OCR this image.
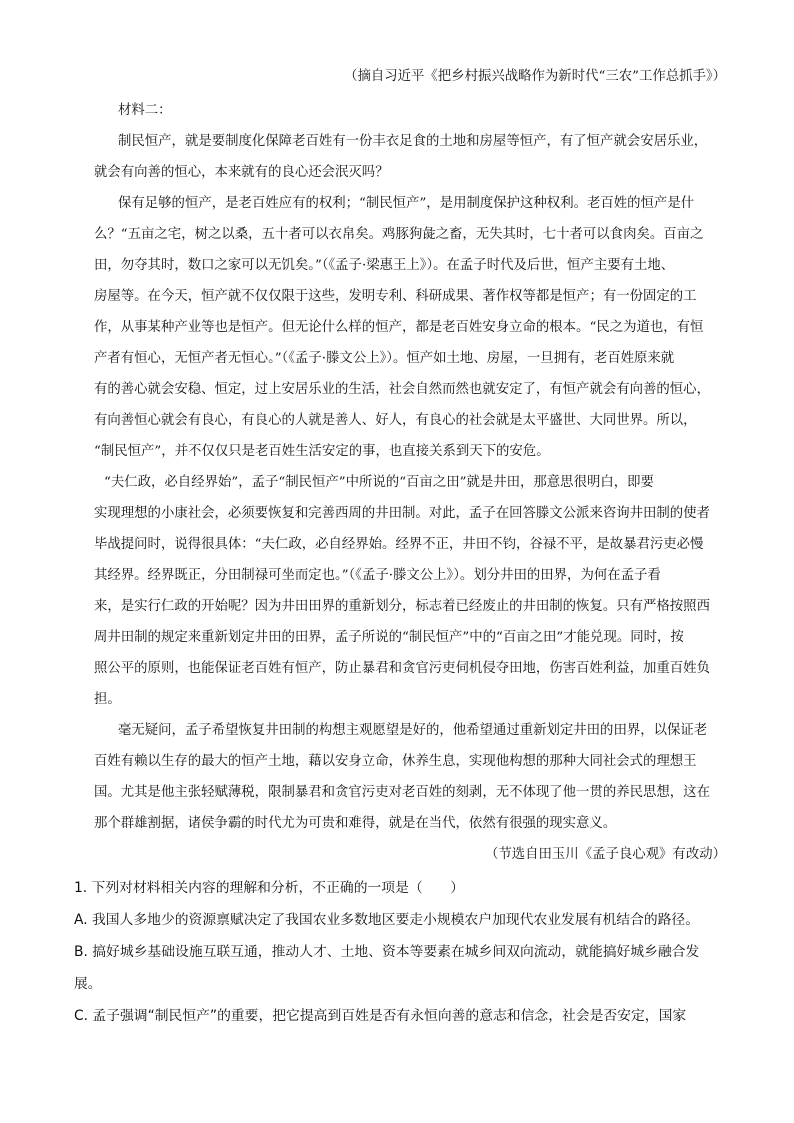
（摘自习近平《把乡村振兴战略作为新时代“三农”工作总抓手》）

材料二：

制民恒产，就是要制度化保障老百姓有一份丰衣足食的土地和房屋等恒产，有了恒产就会安居乐业，

就会有向善的恒心，本来就有的良心还会泯灭吗？

保有足够的恒产，是老百姓应有的权利；“制民恒产”，是用制度保护这种权利。老百姓的恒产是什

么？“五亩之宅，树之以桑，五十者可以衣帛矣。鸡豚狗彘之畜，无失其时，七十者可以食肉矣。百亩之

田，勿夺其时，数口之家可以无饥矣。”（《孟子·梁惠王上》）。在孟子时代及后世，恒产主要有土地、

房屋等。在今天，恒产就不仅仅限于这些，发明专利、科研成果、著作权等都是恒产；有一份固定的工

作，从事某种产业等也是恒产。但无论什么样的恒产，都是老百姓安身立命的根本。“民之为道也，有恒

产者有恒心，无恒产者无恒心。”（《孟子·滕文公上》）。恒产如土地、房屋，一旦拥有，老百姓原来就

有的善心就会安稳、恒定，过上安居乐业的生活，社会自然而然也就安定了，有恒产就会有向善的恒心，

有向善恒心就会有良心，有良心的人就是善人、好人，有良心的社会就是太平盛世、大同世界。所以，

“制民恒产”，并不仅仅只是老百姓生活安定的事，也直接关系到天下的安危。

“夫仁政，必自经界始”，孟子“制民恒产”中所说的“百亩之田”就是井田，那意思很明白，即要

实现理想的小康社会，必须要恢复和完善西周的井田制。对此，孟子在回答滕文公派来咨询井田制的使者

毕战提问时，说得很具体：“夫仁政，必自经界始。经界不正，井田不钧，谷禄不平，是故暴君污吏必慢

其经界。经界既正，分田制禄可坐而定也。”（《孟子·滕文公上》）。划分井田的田界，为何在孟子看

来，是实行仁政的开始呢？因为井田田界的重新划分，标志着已经废止的井田制的恢复。只有严格按照西

周井田制的规定来重新划定井田的田界，孟子所说的“制民恒产”中的“百亩之田”才能兑现。同时，按

照公平的原则，也能保证老百姓有恒产，防止暴君和贪官污吏伺机侵夺田地，伤害百姓利益，加重百姓负

担。

毫无疑问，孟子希望恢复井田制的构想主观愿望是好的，他希望通过重新划定井田的田界，以保证老

百姓有赖以生存的最大的恒产土地，藉以安身立命，休养生息，实现他构想的那种大同社会式的理想王

国。尤其是他主张轻赋薄税，限制暴君和贪官污吏对老百姓的刻剥，无不体现了他一贯的养民思想，这在

那个群雄割据，诸侯争霸的时代尤为可贵和难得，就是在当代，依然有很强的现实意义。

（节选自田玉川《孟子良心观》有改动）

1. 下列对材料相关内容的理解和分析，不正确的一项是（　　）

A. 我国人多地少的资源禀赋决定了我国农业多数地区要走小规模农户加现代农业发展有机结合的路径。

B. 搞好城乡基础设施互联互通，推动人才、土地、资本等要素在城乡间双向流动，就能搞好城乡融合发

展。

C. 孟子强调“制民恒产”的重要，把它提高到百姓是否有永恒向善的意志和信念，社会是否安定，国家
